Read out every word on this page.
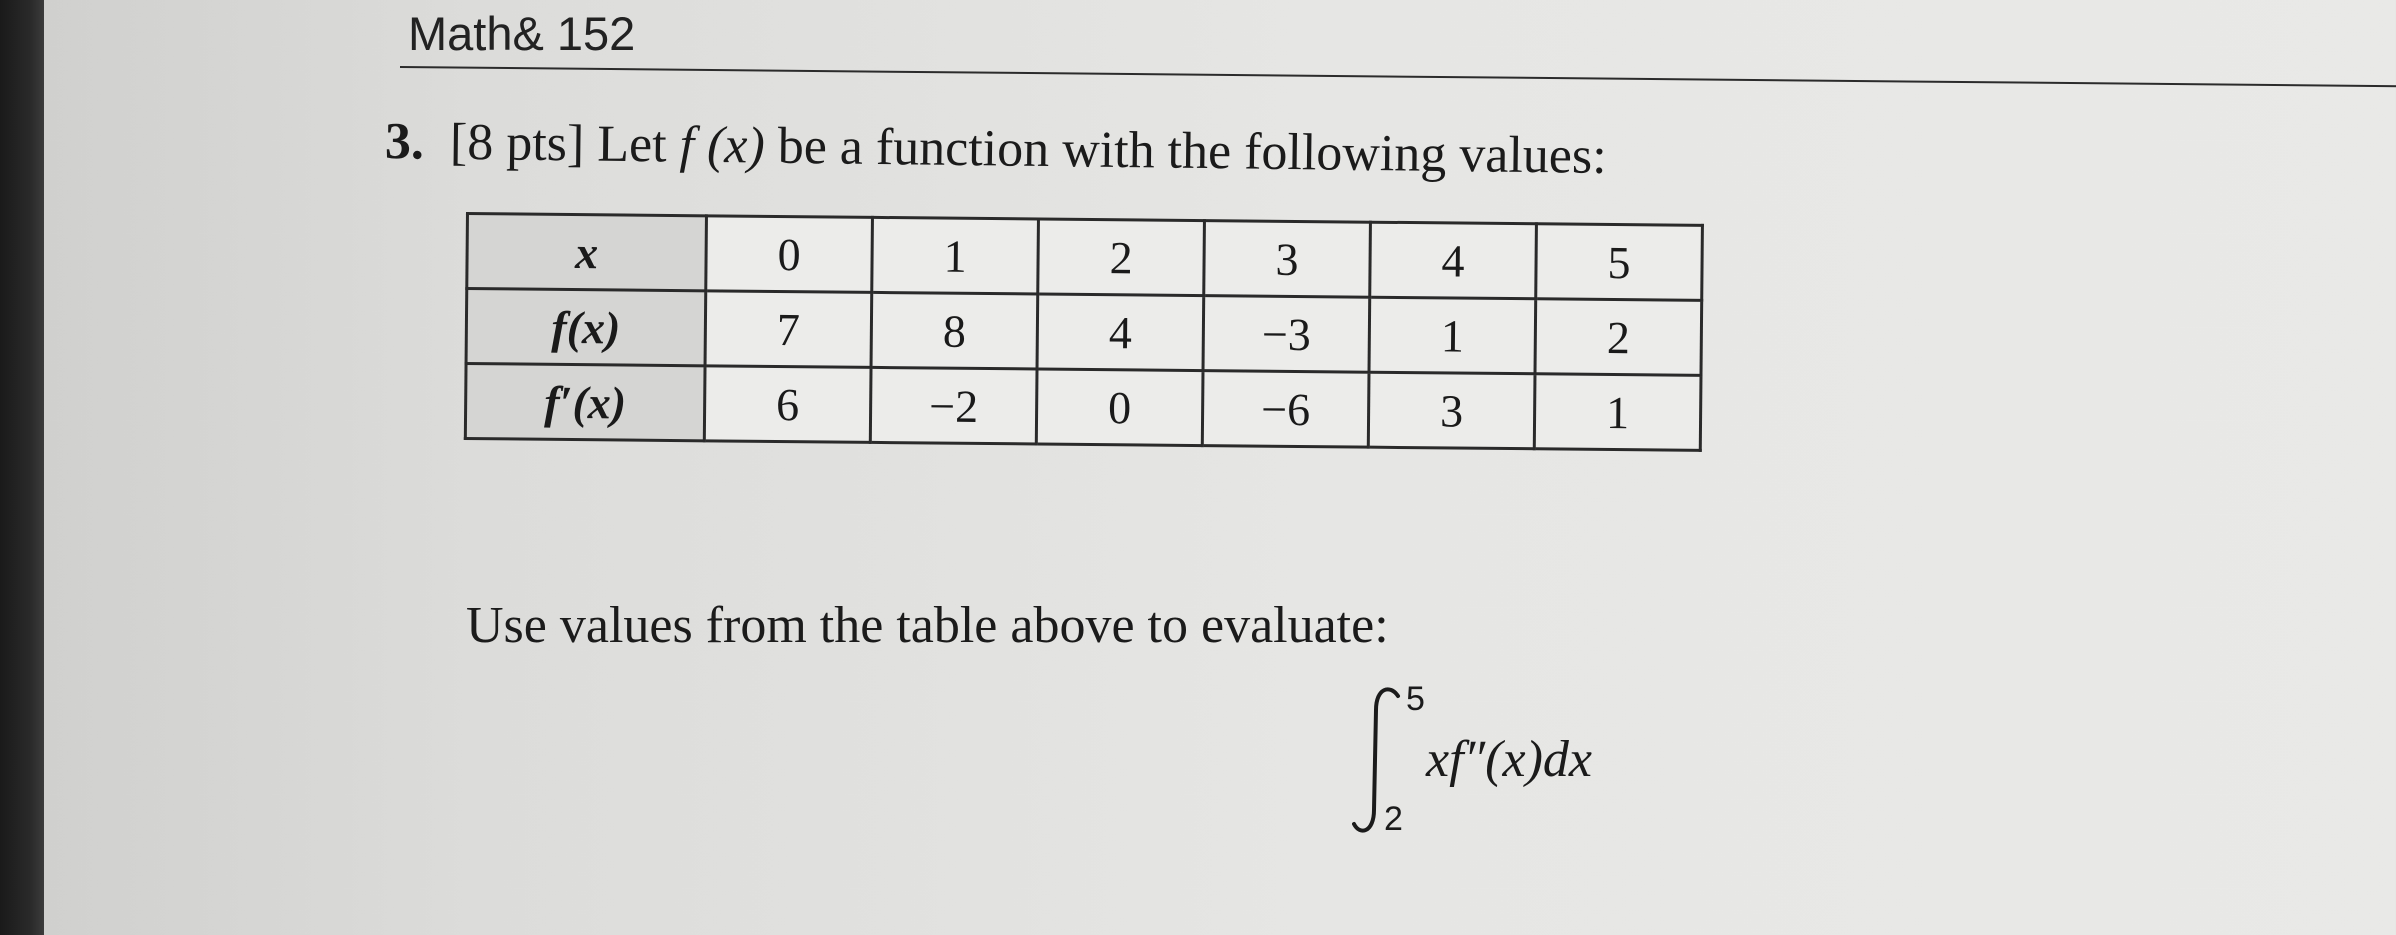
Math& 152
3. [8 pts] Let f (x) be a function with the following values:
x	0	1	2	3	4	5
f(x)	7	8	4	−3	1	2
f′(x)	6	−2	0	−6	3	1
Use values from the table above to evaluate:
5
2
xf″(x)dx
